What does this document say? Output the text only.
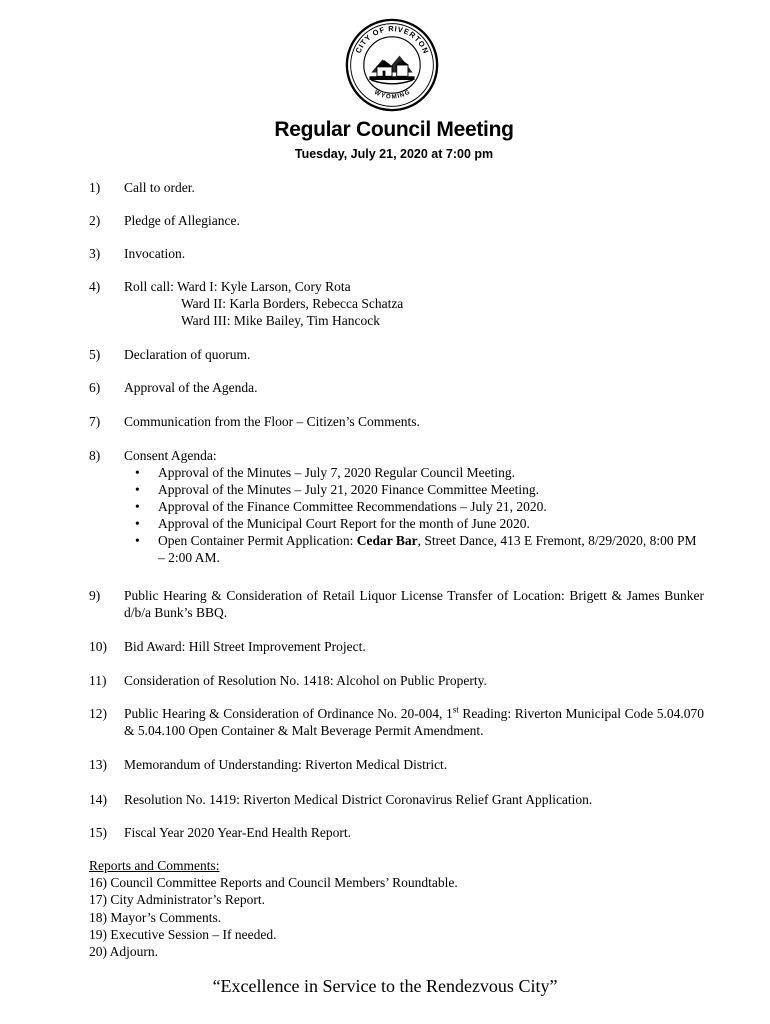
CITY OF RIVERTON
WYOMING
Regular Council Meeting
Tuesday, July 21, 2020 at 7:00 pm
1) Call to order.
2) Pledge of Allegiance.
3) Invocation.
4) Roll call: Ward I: Kyle Larson, Cory Rota
Ward II: Karla Borders, Rebecca Schatza
Ward III: Mike Bailey, Tim Hancock
5) Declaration of quorum.
6) Approval of the Agenda.
7) Communication from the Floor – Citizen’s Comments.
8) Consent Agenda:
• Approval of the Minutes – July 7, 2020 Regular Council Meeting.
• Approval of the Minutes – July 21, 2020 Finance Committee Meeting.
• Approval of the Finance Committee Recommendations – July 21, 2020.
• Approval of the Municipal Court Report for the month of June 2020.
• Open Container Permit Application: Cedar Bar, Street Dance, 413 E Fremont, 8/29/2020, 8:00 PM – 2:00 AM.
9) Public Hearing & Consideration of Retail Liquor License Transfer of Location: Brigett & James Bunker d/b/a Bunk’s BBQ.
10) Bid Award: Hill Street Improvement Project.
11) Consideration of Resolution No. 1418: Alcohol on Public Property.
12) Public Hearing & Consideration of Ordinance No. 20-004, 1st Reading: Riverton Municipal Code 5.04.070 & 5.04.100 Open Container & Malt Beverage Permit Amendment.
13) Memorandum of Understanding: Riverton Medical District.
14) Resolution No. 1419: Riverton Medical District Coronavirus Relief Grant Application.
15) Fiscal Year 2020 Year-End Health Report.
Reports and Comments:
16) Council Committee Reports and Council Members’ Roundtable.
17) City Administrator’s Report.
18) Mayor’s Comments.
19) Executive Session – If needed.
20) Adjourn.
“Excellence in Service to the Rendezvous City”
